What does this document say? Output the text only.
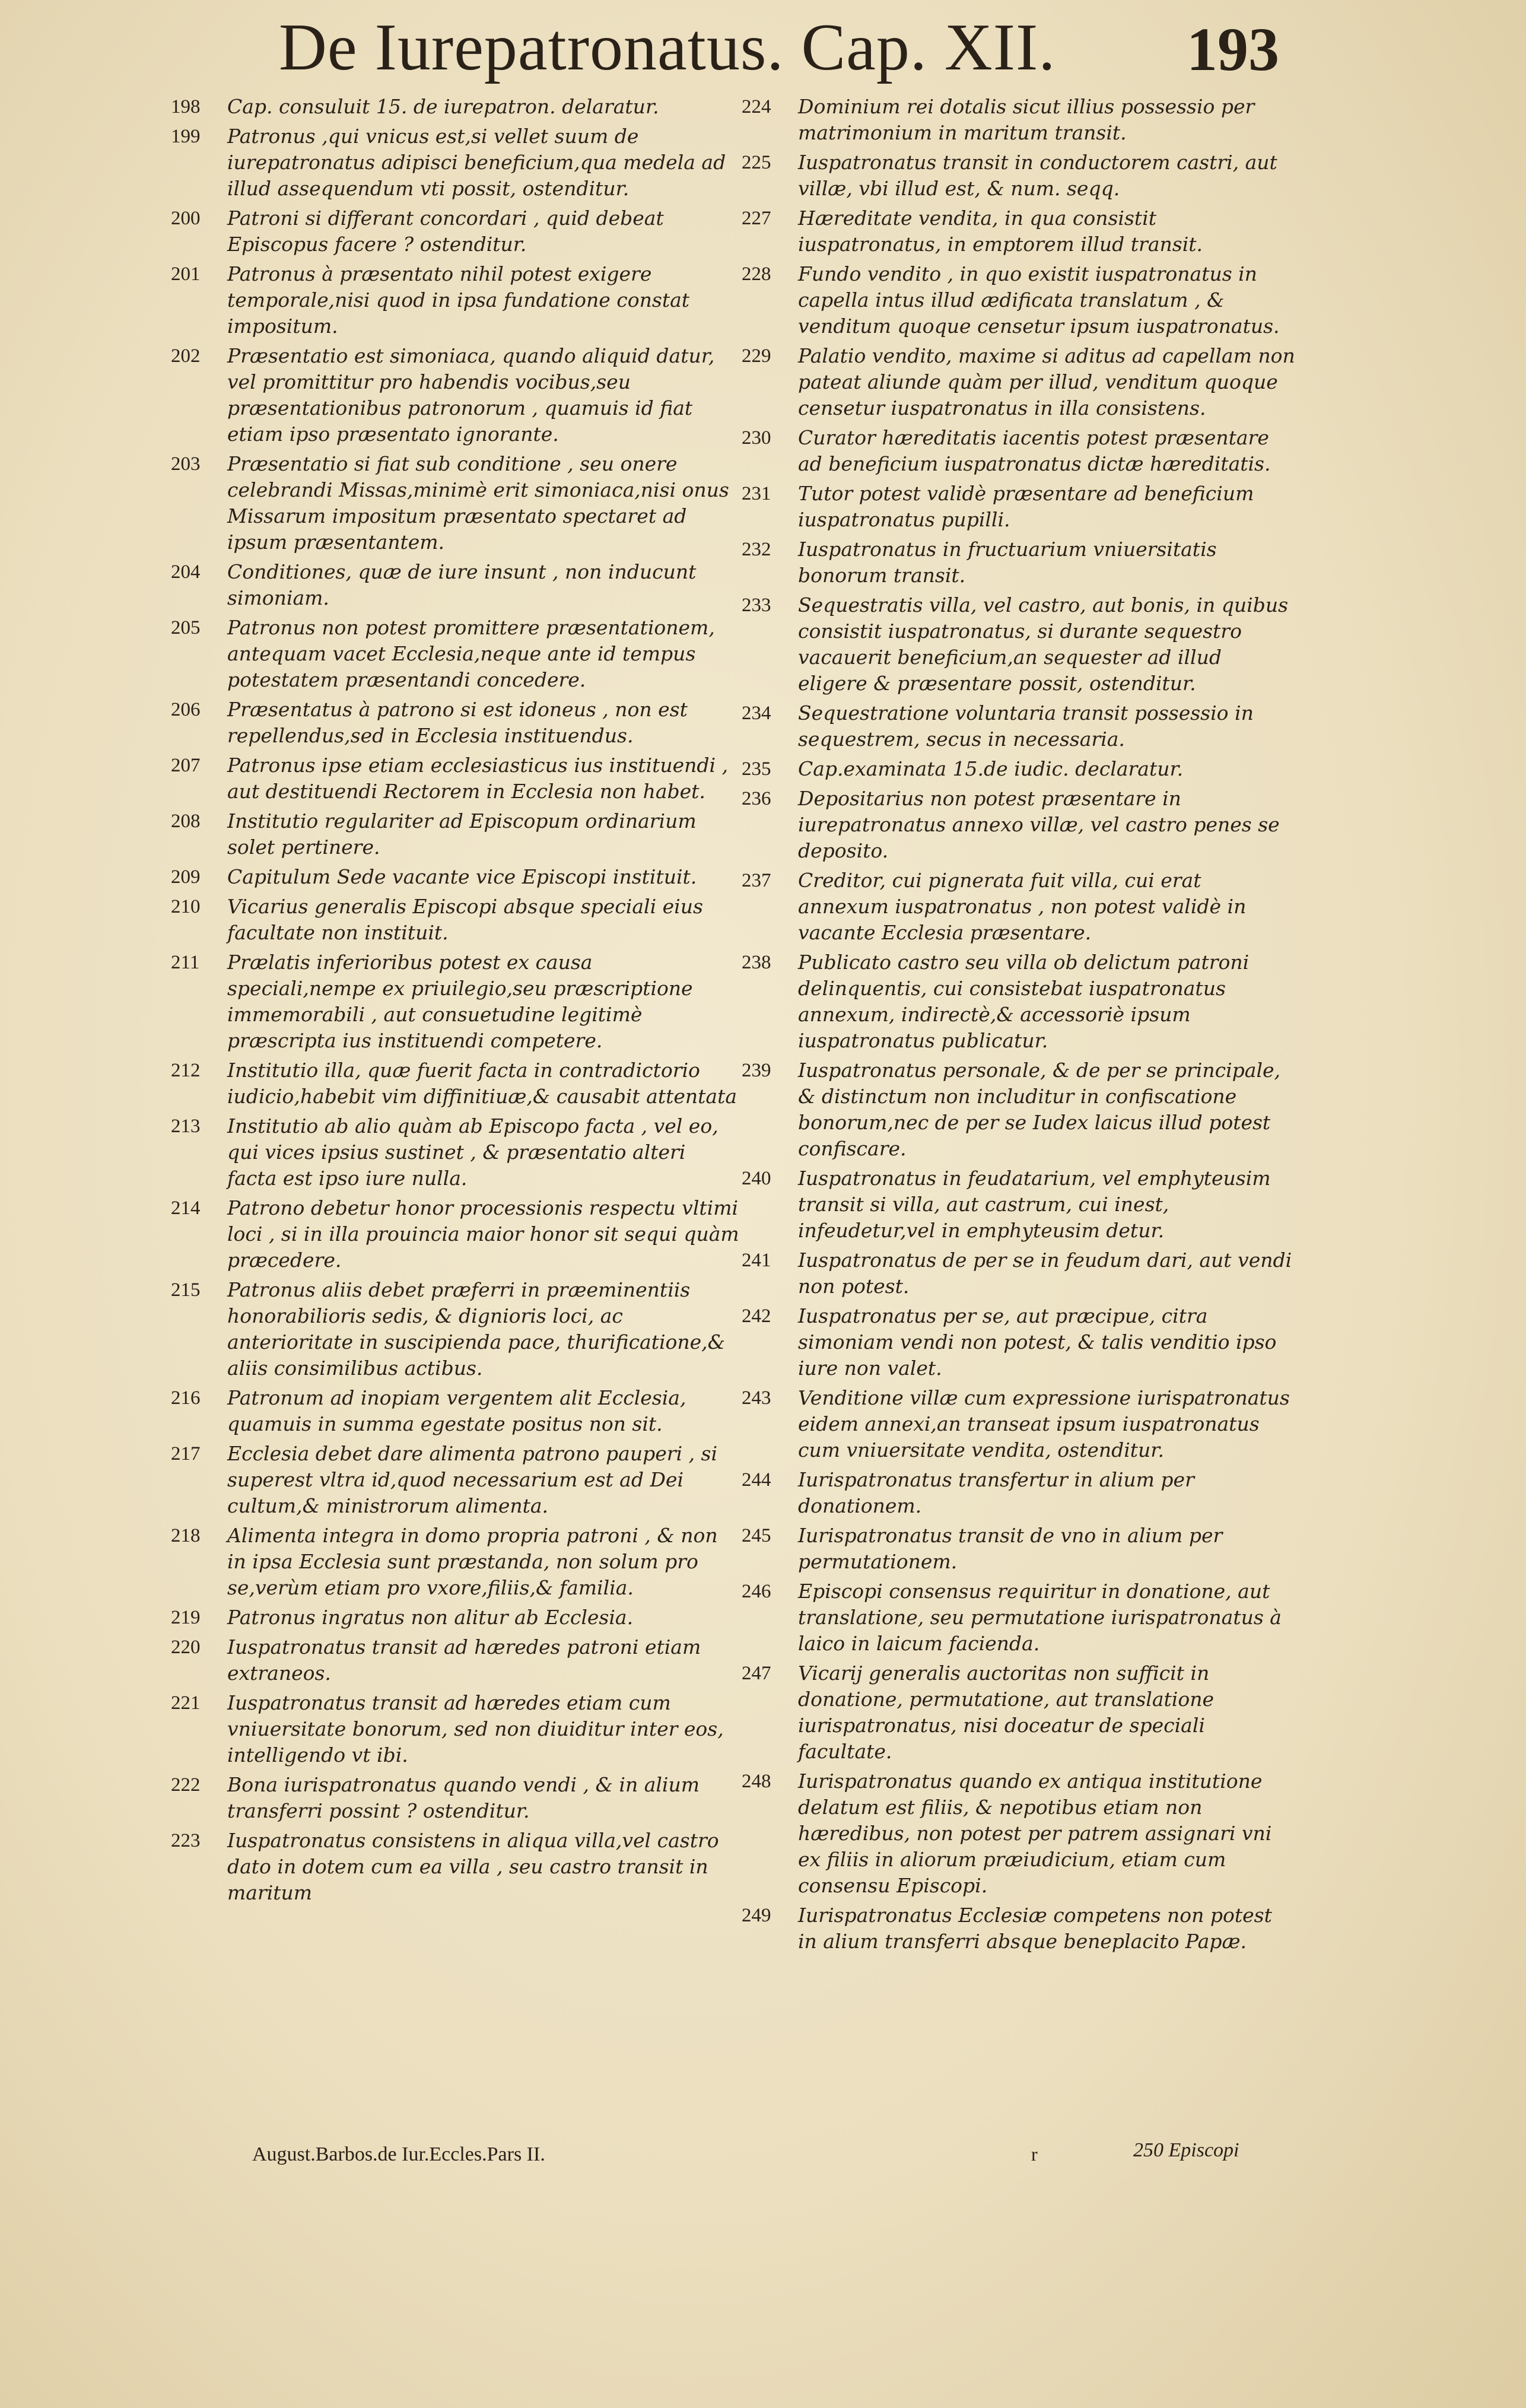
De Iurepatronatus. Cap. XII. 193
198	Cap. consuluit 15. de iurepatron. delaratur.
199	Patronus ,qui vnicus est,si vellet suum de iurepatronatus adipisci beneficium,qua medela ad illud assequendum vti possit, ostenditur.
200	Patroni si differant concordari , quid debeat Episcopus facere ? ostenditur.
201	Patronus à præsentato nihil potest exigere temporale,nisi quod in ipsa fundatione constat impositum.
202	Præsentatio est simoniaca, quando aliquid datur, vel promittitur pro habendis vocibus,seu præsentationibus patronorum , quamuis id fiat etiam ipso præsentato ignorante.
203	Præsentatio si fiat sub conditione , seu onere celebrandi Missas,minimè erit simoniaca,nisi onus Missarum impositum præsentato spectaret ad ipsum præsentantem.
204	Conditiones, quæ de iure insunt , non inducunt simoniam.
205	Patronus non potest promittere præsentationem, antequam vacet Ecclesia,neque ante id tempus potestatem præsentandi concedere.
206	Præsentatus à patrono si est idoneus , non est repellendus,sed in Ecclesia instituendus.
207	Patronus ipse etiam ecclesiasticus ius instituendi , aut destituendi Rectorem in Ecclesia non habet.
208	Institutio regulariter ad Episcopum ordinarium solet pertinere.
209	Capitulum Sede vacante vice Episcopi instituit.
210	Vicarius generalis Episcopi absque speciali eius facultate non instituit.
211	Prælatis inferioribus potest ex causa speciali,nempe ex priuilegio,seu præscriptione immemorabili , aut consuetudine legitimè præscripta ius instituendi competere.
212	Institutio illa, quæ fuerit facta in contradictorio iudicio,habebit vim diffinitiuæ,& causabit attentata
213	Institutio ab alio quàm ab Episcopo facta , vel eo, qui vices ipsius sustinet , & præsentatio alteri facta est ipso iure nulla.
214	Patrono debetur honor processionis respectu vltimi loci , si in illa prouincia maior honor sit sequi quàm præcedere.
215	Patronus aliis debet præferri in præeminentiis honorabilioris sedis, & dignioris loci, ac anterioritate in suscipienda pace, thurificatione,& aliis consimilibus actibus.
216	Patronum ad inopiam vergentem alit Ecclesia, quamuis in summa egestate positus non sit.
217	Ecclesia debet dare alimenta patrono pauperi , si superest vltra id,quod necessarium est ad Dei cultum,& ministrorum alimenta.
218	Alimenta integra in domo propria patroni , & non in ipsa Ecclesia sunt præstanda, non solum pro se,verùm etiam pro vxore,filiis,& familia.
219	Patronus ingratus non alitur ab Ecclesia.
220	Iuspatronatus transit ad hæredes patroni etiam extraneos.
221	Iuspatronatus transit ad hæredes etiam cum vniuersitate bonorum, sed non diuiditur inter eos, intelligendo vt ibi.
222	Bona iurispatronatus quando vendi , & in alium transferri possint ? ostenditur.
223	Iuspatronatus consistens in aliqua villa,vel castro dato in dotem cum ea villa , seu castro transit in maritum
224	Dominium rei dotalis sicut illius possessio per matrimonium in maritum transit.
225	Iuspatronatus transit in conductorem castri, aut villæ, vbi illud est, & num. seqq.
227	Hæreditate vendita, in qua consistit iuspatronatus, in emptorem illud transit.
228	Fundo vendito , in quo existit iuspatronatus in capella intus illud ædificata translatum , & venditum quoque censetur ipsum iuspatronatus.
229	Palatio vendito, maxime si aditus ad capellam non pateat aliunde quàm per illud, venditum quoque censetur iuspatronatus in illa consistens.
230	Curator hæreditatis iacentis potest præsentare ad beneficium iuspatronatus dictæ hæreditatis.
231	Tutor potest validè præsentare ad beneficium iuspatronatus pupilli.
232	Iuspatronatus in fructuarium vniuersitatis bonorum transit.
233	Sequestratis villa, vel castro, aut bonis, in quibus consistit iuspatronatus, si durante sequestro vacauerit beneficium,an sequester ad illud eligere & præsentare possit, ostenditur.
234	Sequestratione voluntaria transit possessio in sequestrem, secus in necessaria.
235	Cap.examinata 15.de iudic. declaratur.
236	Depositarius non potest præsentare in iurepatronatus annexo villæ, vel castro penes se deposito.
237	Creditor, cui pignerata fuit villa, cui erat annexum iuspatronatus , non potest validè in vacante Ecclesia præsentare.
238	Publicato castro seu villa ob delictum patroni delinquentis, cui consistebat iuspatronatus annexum, indirectè,& accessoriè ipsum iuspatronatus publicatur.
239	Iuspatronatus personale, & de per se principale, & distinctum non includitur in confiscatione bonorum,nec de per se Iudex laicus illud potest confiscare.
240	Iuspatronatus in feudatarium, vel emphyteusim transit si villa, aut castrum, cui inest, infeudetur,vel in emphyteusim detur.
241	Iuspatronatus de per se in feudum dari, aut vendi non potest.
242	Iuspatronatus per se, aut præcipue, citra simoniam vendi non potest, & talis venditio ipso iure non valet.
243	Venditione villæ cum expressione iurispatronatus eidem annexi,an transeat ipsum iuspatronatus cum vniuersitate vendita, ostenditur.
244	Iurispatronatus transfertur in alium per donationem.
245	Iurispatronatus transit de vno in alium per permutationem.
246	Episcopi consensus requiritur in donatione, aut translatione, seu permutatione iurispatronatus à laico in laicum facienda.
247	Vicarij generalis auctoritas non sufficit in donatione, permutatione, aut translatione iurispatronatus, nisi doceatur de speciali facultate.
248	Iurispatronatus quando ex antiqua institutione delatum est filiis, & nepotibus etiam non hæredibus, non potest per patrem assignari vni ex filiis in aliorum præiudicium, etiam cum consensu Episcopi.
249	Iurispatronatus Ecclesiæ competens non potest in alium transferri absque beneplacito Papæ.
August.Barbos.de Iur.Eccles.Pars II.	r	250 Episcopi
